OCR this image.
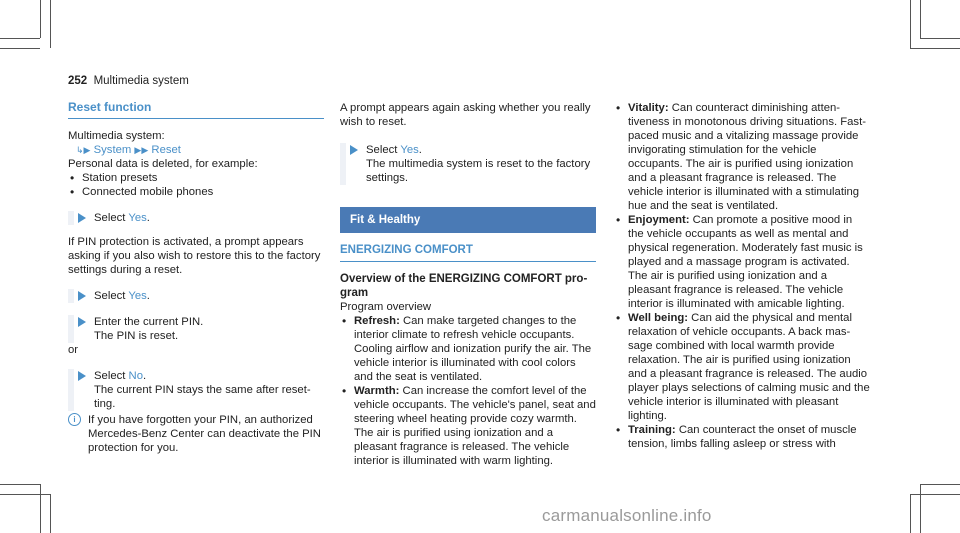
252 Multimedia system
Reset function

Multimedia system:

↳▶ System ▶▶ Reset

Personal data is deleted, for example:

• Station presets
• Connected mobile phones
Select Yes.

If PIN protection is activated, a prompt appears asking if you also wish to restore this to the factory settings during a reset.

Select Yes.
Enter the current PIN.
The PIN is reset.

or

Select No.
The current PIN stays the same after resetting.
i	If you have forgotten your PIN, an authorized Mercedes-Benz Center can deactivate the PIN protection for you.

A prompt appears again asking whether you really wish to reset.

Select Yes.
The multimedia system is reset to the factory settings.
Fit & Healthy
ENERGIZING COMFORT
Overview of the ENERGIZING COMFORT program

Program overview

• Refresh: Can make targeted changes to the interior climate to refresh vehicle occupants. Cooling airflow and ionization purify the air. The vehicle interior is illuminated with cool colors and the seat is ventilated.
• Warmth: Can increase the comfort level of the vehicle occupants. The vehicle's panel, seat and steering wheel heating provide cozy warmth. The air is purified using ionization and a pleasant fragrance is released. The vehicle interior is illuminated with warm lighting.
• Vitality: Can counteract diminishing attentiveness in monotonous driving situations. Fast-paced music and a vitalizing massage provide invigorating stimulation for the vehicle occupants. The air is purified using ionization and a pleasant fragrance is released. The vehicle interior is illuminated with a stimulating hue and the seat is ventilated.
• Enjoyment: Can promote a positive mood in the vehicle occupants as well as mental and physical regeneration. Moderately fast music is played and a massage program is activated. The air is purified using ionization and a pleasant fragrance is released. The vehicle interior is illuminated with amicable lighting.
• Well being: Can aid the physical and mental relaxation of vehicle occupants. A back massage combined with local warmth provide relaxation. The air is purified using ionization and a pleasant fragrance is released. The audio player plays selections of calming music and the vehicle interior is illuminated with pleasant lighting.
• Training: Can counteract the onset of muscle tension, limbs falling asleep or stress with
carmanualsonline.info
